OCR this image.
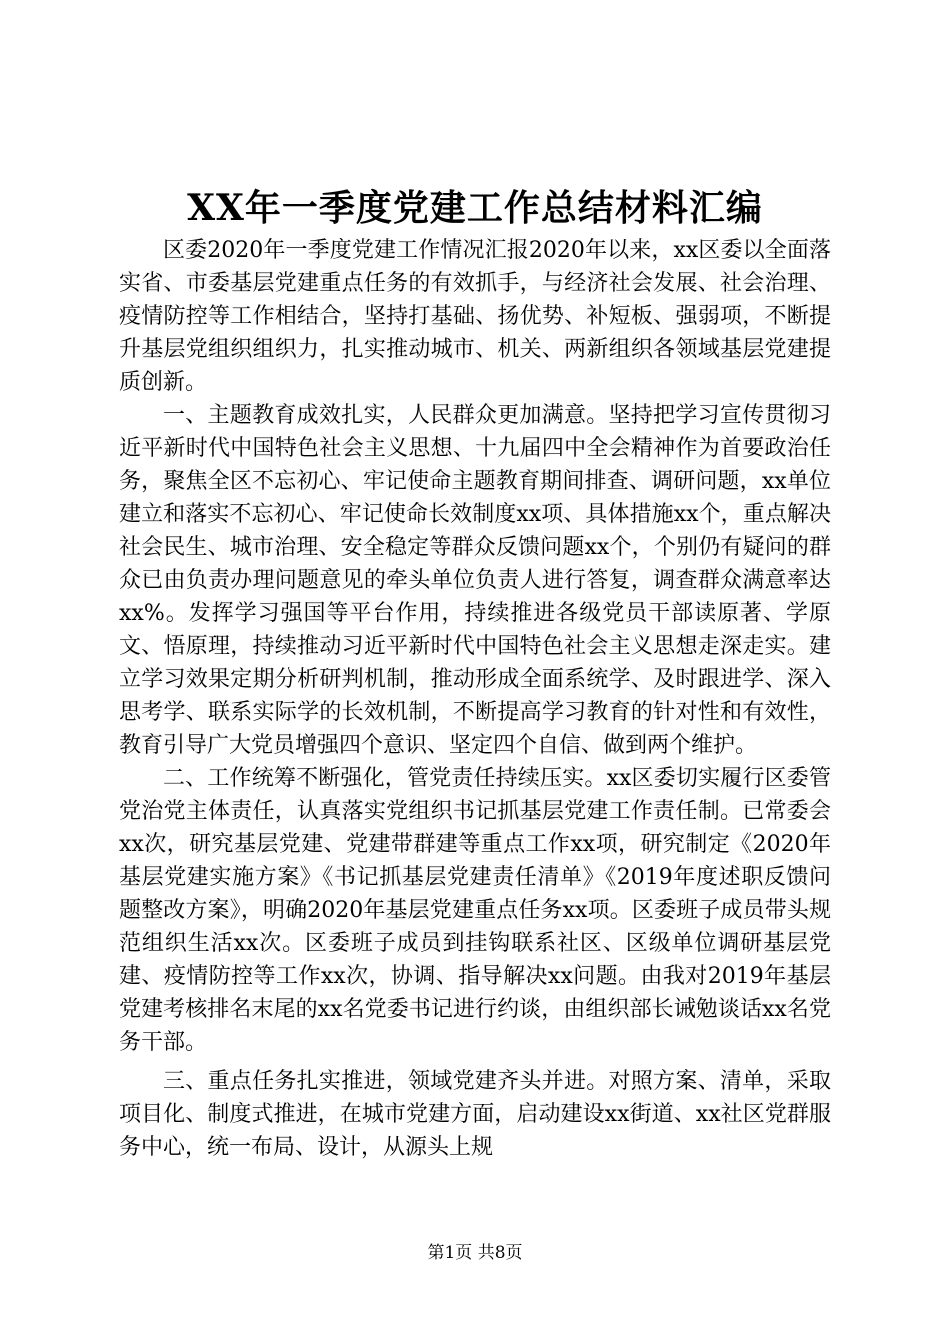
XX年一季度党建工作总结材料汇编

区委2020年一季度党建工作情况汇报2020年以来，xx区委以全面落实省、市委基层党建重点任务的有效抓手，与经济社会发展、社会治理、疫情防控等工作相结合，坚持打基础、扬优势、补短板、强弱项，不断提升基层党组织组织力，扎实推动城市、机关、两新组织各领域基层党建提质创新。

一、主题教育成效扎实，人民群众更加满意。坚持把学习宣传贯彻习近平新时代中国特色社会主义思想、十九届四中全会精神作为首要政治任务，聚焦全区不忘初心、牢记使命主题教育期间排查、调研问题，xx单位建立和落实不忘初心、牢记使命长效制度xx项、具体措施xx个，重点解决社会民生、城市治理、安全稳定等群众反馈问题xx个，个别仍有疑问的群众已由负责办理问题意见的牵头单位负责人进行答复，调查群众满意率达xx%。发挥学习强国等平台作用，持续推进各级党员干部读原著、学原文、悟原理，持续推动习近平新时代中国特色社会主义思想走深走实。建立学习效果定期分析研判机制，推动形成全面系统学、及时跟进学、深入思考学、联系实际学的长效机制，不断提高学习教育的针对性和有效性，教育引导广大党员增强四个意识、坚定四个自信、做到两个维护。

二、工作统筹不断强化，管党责任持续压实。xx区委切实履行区委管党治党主体责任，认真落实党组织书记抓基层党建工作责任制。已常委会xx次，研究基层党建、党建带群建等重点工作xx项，研究制定《2020年基层党建实施方案》《书记抓基层党建责任清单》《2019年度述职反馈问题整改方案》，明确2020年基层党建重点任务xx项。区委班子成员带头规范组织生活xx次。区委班子成员到挂钩联系社区、区级单位调研基层党建、疫情防控等工作xx次，协调、指导解决xx问题。由我对2019年基层党建考核排名末尾的xx名党委书记进行约谈，由组织部长诫勉谈话xx名党务干部。

三、重点任务扎实推进，领域党建齐头并进。对照方案、清单，采取项目化、制度式推进，在城市党建方面，启动建设xx街道、xx社区党群服务中心，统一布局、设计，从源头上规

第1页 共8页
